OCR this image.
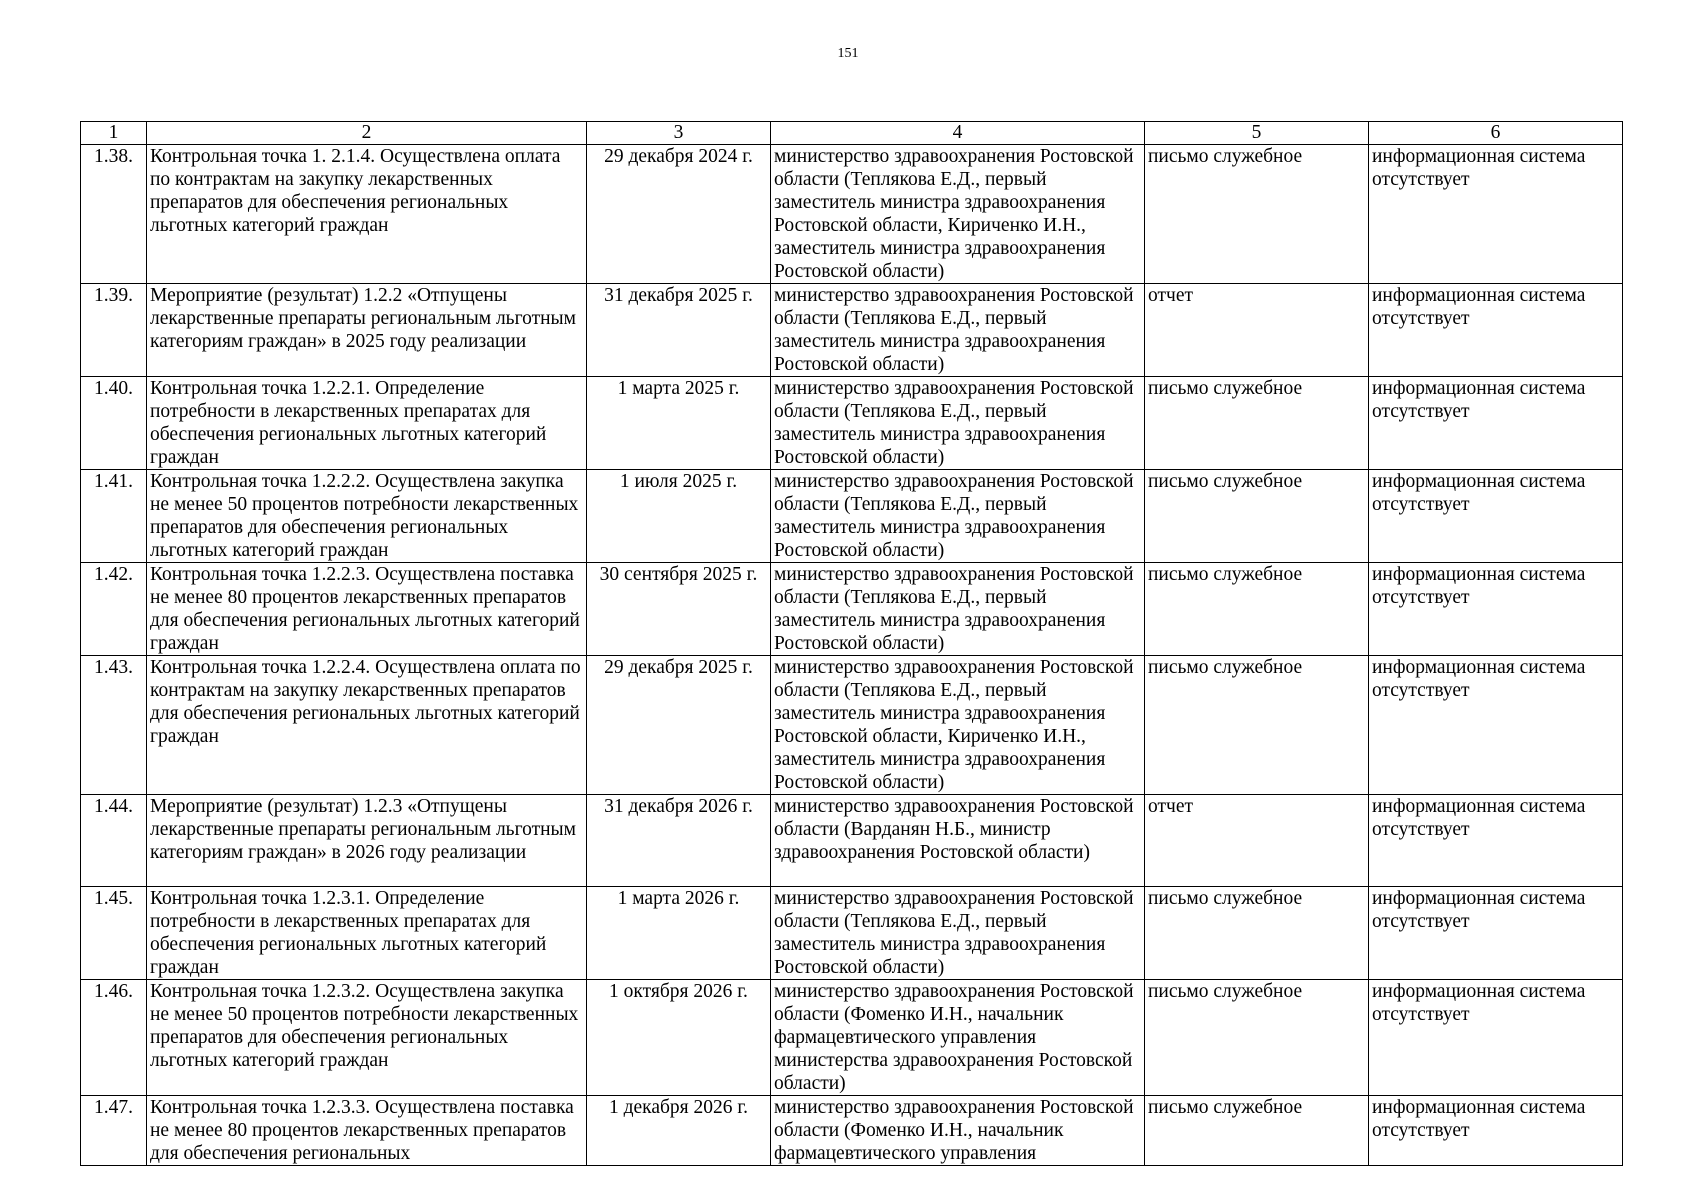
151
1	2	3	4	5	6
1.38.	Контрольная точка 1. 2.1.4. Осуществлена оплата по контрактам на закупку лекарственных препаратов для обеспечения региональных льготных категорий граждан	29 декабря 2024 г.	министерство здравоохранения Ростовской области (Теплякова Е.Д., первый заместитель министра здравоохранения Ростовской области, Кириченко И.Н., заместитель министра здравоохранения Ростовской области)	письмо служебное	информационная система отсутствует
1.39.	Мероприятие (результат) 1.2.2 «Отпущены лекарственные препараты региональным льготным категориям граждан» в 2025 году реализации	31 декабря 2025 г.	министерство здравоохранения Ростовской области (Теплякова Е.Д., первый заместитель министра здравоохранения Ростовской области)	отчет	информационная система отсутствует
1.40.	Контрольная точка 1.2.2.1. Определение потребности в лекарственных препаратах для обеспечения региональных льготных категорий граждан	1 марта 2025 г.	министерство здравоохранения Ростовской области (Теплякова Е.Д., первый заместитель министра здравоохранения Ростовской области)	письмо служебное	информационная система отсутствует
1.41.	Контрольная точка 1.2.2.2. Осуществлена закупка не менее 50 процентов потребности лекарственных препаратов для обеспечения региональных льготных категорий граждан	1 июля 2025 г.	министерство здравоохранения Ростовской области (Теплякова Е.Д., первый заместитель министра здравоохранения Ростовской области)	письмо служебное	информационная система отсутствует
1.42.	Контрольная точка 1.2.2.3. Осуществлена поставка не менее 80 процентов лекарственных препаратов для обеспечения региональных льготных категорий граждан	30 сентября 2025 г.	министерство здравоохранения Ростовской области (Теплякова Е.Д., первый заместитель министра здравоохранения Ростовской области)	письмо служебное	информационная система отсутствует
1.43.	Контрольная точка 1.2.2.4. Осуществлена оплата по контрактам на закупку лекарственных препаратов для обеспечения региональных льготных категорий граждан	29 декабря 2025 г.	министерство здравоохранения Ростовской области (Теплякова Е.Д., первый заместитель министра здравоохранения Ростовской области, Кириченко И.Н., заместитель министра здравоохранения Ростовской области)	письмо служебное	информационная система отсутствует
1.44.	Мероприятие (результат) 1.2.3 «Отпущены лекарственные препараты региональным льготным категориям граждан» в 2026 году реализации	31 декабря 2026 г.	министерство здравоохранения Ростовской области (Варданян Н.Б., министр здравоохранения Ростовской области)	отчет	информационная система отсутствует
1.45.	Контрольная точка 1.2.3.1. Определение потребности в лекарственных препаратах для обеспечения региональных льготных категорий граждан	1 марта 2026 г.	министерство здравоохранения Ростовской области (Теплякова Е.Д., первый заместитель министра здравоохранения Ростовской области)	письмо служебное	информационная система отсутствует
1.46.	Контрольная точка 1.2.3.2. Осуществлена закупка не менее 50 процентов потребности лекарственных препаратов для обеспечения региональных льготных категорий граждан	1 октября 2026 г.	министерство здравоохранения Ростовской области (Фоменко И.Н., начальник фармацевтического управления министерства здравоохранения Ростовской области)	письмо служебное	информационная система отсутствует
1.47.	Контрольная точка 1.2.3.3. Осуществлена поставка не менее 80 процентов лекарственных препаратов для обеспечения региональных	1 декабря 2026 г.	министерство здравоохранения Ростовской области (Фоменко И.Н., начальник фармацевтического управления	письмо служебное	информационная система отсутствует
